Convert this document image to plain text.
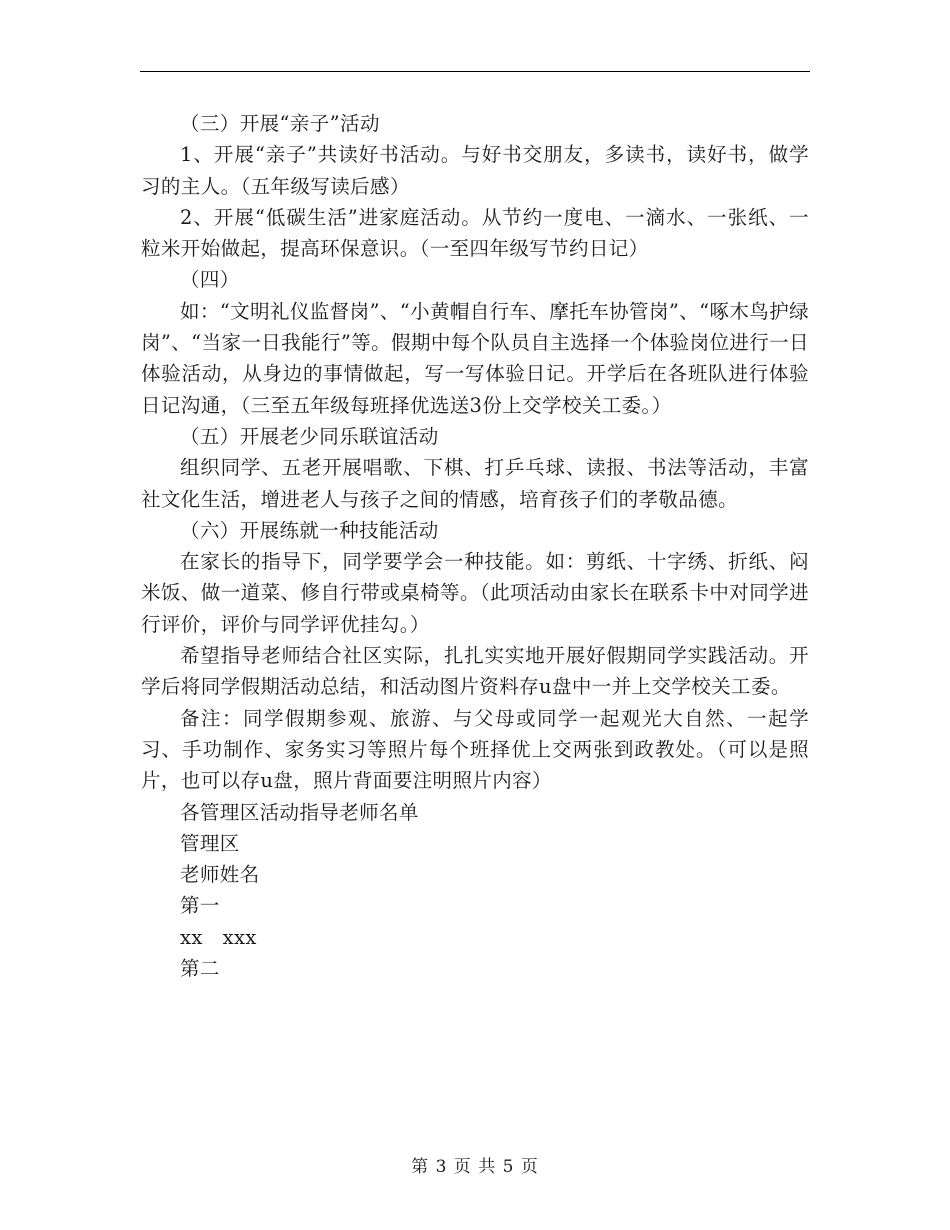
（三）开展“亲子”活动

1、开展“亲子”共读好书活动。与好书交朋友，多读书，读好书，做学习的主人。（五年级写读后感）

2、开展“低碳生活”进家庭活动。从节约一度电、一滴水、一张纸、一粒米开始做起，提高环保意识。（一至四年级写节约日记）

（四）

如：“文明礼仪监督岗”、“小黄帽自行车、摩托车协管岗”、“啄木鸟护绿岗”、“当家一日我能行”等。假期中每个队员自主选择一个体验岗位进行一日体验活动，从身边的事情做起，写一写体验日记。开学后在各班队进行体验日记沟通，（三至五年级每班择优选送3份上交学校关工委。）

（五）开展老少同乐联谊活动

组织同学、五老开展唱歌、下棋、打乒乓球、读报、书法等活动，丰富社文化生活，增进老人与孩子之间的情感，培育孩子们的孝敬品德。

（六）开展练就一种技能活动

在家长的指导下，同学要学会一种技能。如：剪纸、十字绣、折纸、闷米饭、做一道菜、修自行带或桌椅等。（此项活动由家长在联系卡中对同学进行评价，评价与同学评优挂勾。）

希望指导老师结合社区实际，扎扎实实地开展好假期同学实践活动。开学后将同学假期活动总结，和活动图片资料存u盘中一并上交学校关工委。

备注：同学假期参观、旅游、与父母或同学一起观光大自然、一起学习、手功制作、家务实习等照片每个班择优上交两张到政教处。（可以是照片，也可以存u盘，照片背面要注明照片内容）

各管理区活动指导老师名单

管理区

老师姓名

第一

xx   xxx

第二

第 3 页 共 5 页
